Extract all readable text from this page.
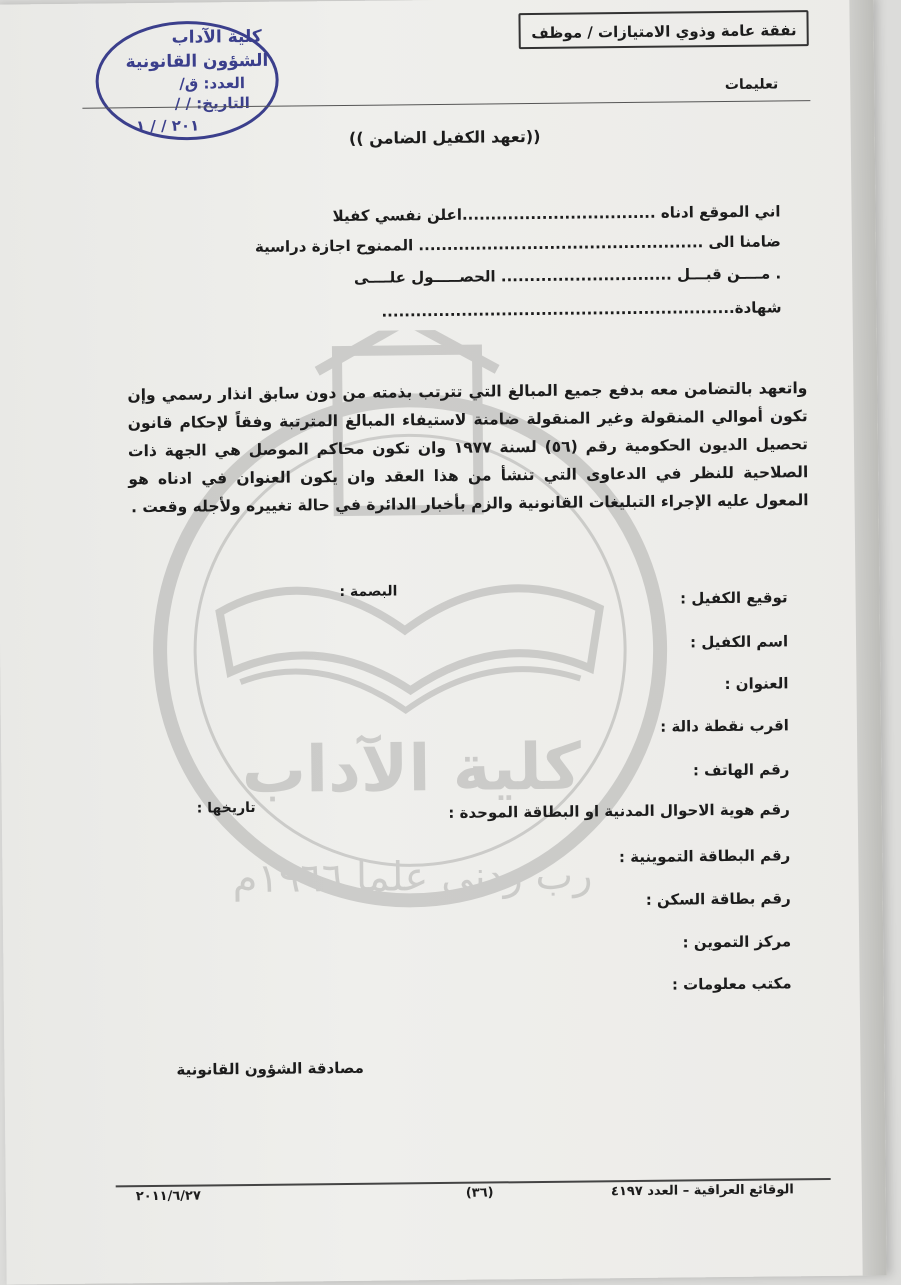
كلية الآداب
رب زدني علما ١٩٦٦م
كلية الآداب
الشؤون القانونية
العدد: ق/
التاريخ: / /
٢٠١ / / ١
نفقة عامة وذوي الامتيازات / موظف
تعليمات
((تعهد الكفيل الضامن ))
اني الموقع ادناه ..................................اعلن نفسي كفيلا
ضامنا الى .................................................. الممنوح اجازة دراسية
. مــــن قبـــل .............................. الحصـــــول علــــى
شهادة..............................................................
واتعهد بالتضامن معه بدفع جميع المبالغ التي تترتب بذمته من دون سابق انذار رسمي وإن تكون أموالي المنقولة وغير المنقولة ضامنة لاستيفاء المبالغ المترتبة وفقاً لإحكام قانون تحصيل الديون الحكومية رقم (٥٦) لسنة ١٩٧٧ وان تكون محاكم الموصل هي الجهة ذات الصلاحية للنظر في الدعاوى التي تنشأ من هذا العقد وان يكون العنوان في ادناه هو المعول عليه الإجراء التبليغات القانونية والزم بأخبار الدائرة في حالة تغييره ولأجله وقعت .
توقيع الكفيل :
البصمة :
اسم الكفيل :
العنوان :
اقرب نقطة دالة :
رقم الهاتف :
رقم هوية الاحوال المدنية او البطاقة الموحدة :
تاريخها :
رقم البطاقة التموينية :
رقم بطاقة السكن :
مركز التموين :
مكتب معلومات :
مصادقة الشؤون القانونية
الوقائع العراقية – العدد ٤١٩٧
(٣٦)
٢٠١١/٦/٢٧
